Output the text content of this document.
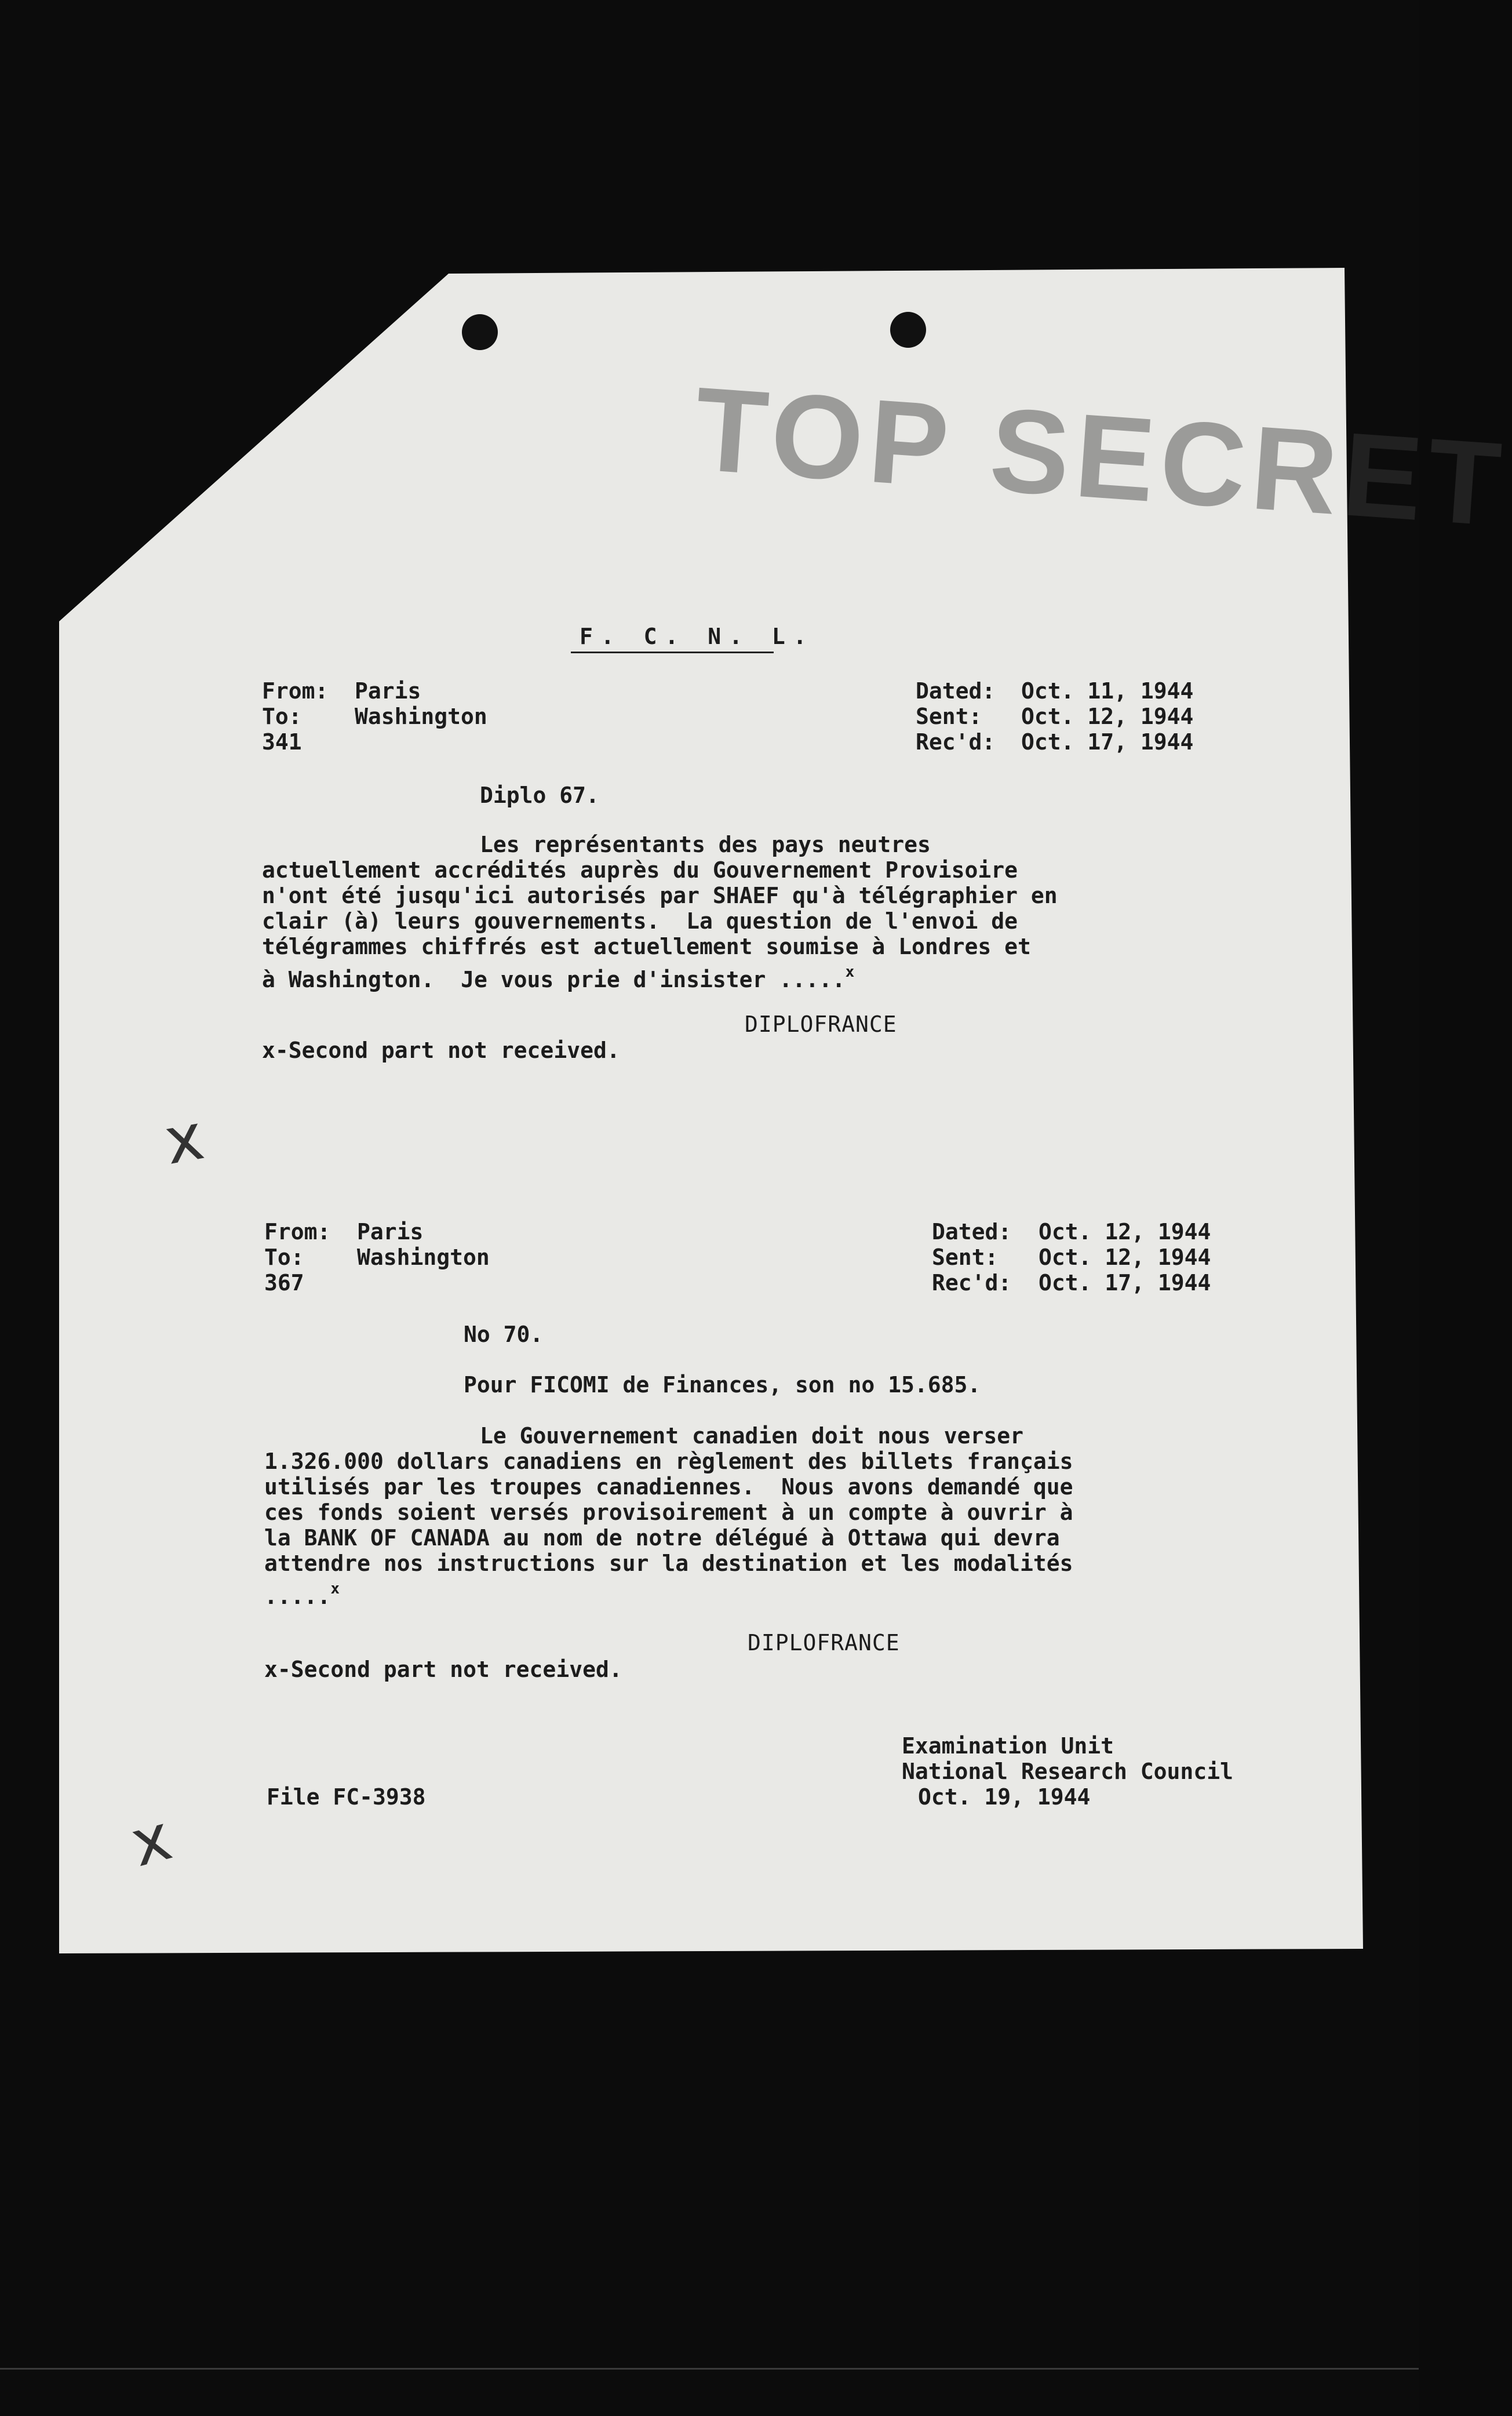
TOP SECRET
F. C. N. L.
From: Paris
To: Washington
341
Dated: Oct. 11, 1944
Sent: Oct. 12, 1944
Rec'd: Oct. 17, 1944
Diplo 67.
Les représentants des pays neutres
actuellement accrédités auprès du Gouvernement Provisoire
n'ont été jusqu'ici autorisés par SHAEF qu'à télégraphier en
clair (à) leurs gouvernements.  La question de l'envoi de
télégrammes chiffrés est actuellement soumise à Londres et
à Washington.  Je vous prie d'insister .....$^x$
DIPLOFRANCE
x-Second part not received.
x
From: Paris
To: Washington
367
Dated: Oct. 12, 1944
Sent: Oct. 12, 1944
Rec'd: Oct. 17, 1944
No 70.
Pour FICOMI de Finances, son no 15.685.
Le Gouvernement canadien doit nous verser
1.326.000 dollars canadiens en règlement des billets français
utilisés par les troupes canadiennes.  Nous avons demandé que
ces fonds soient versés provisoirement à un compte à ouvrir à
la BANK OF CANADA au nom de notre délégué à Ottawa qui devra
attendre nos instructions sur la destination et les modalités
.....$^x$
DIPLOFRANCE
x-Second part not received.
Examination Unit
National Research Council
Oct. 19, 1944
File FC-3938
x
